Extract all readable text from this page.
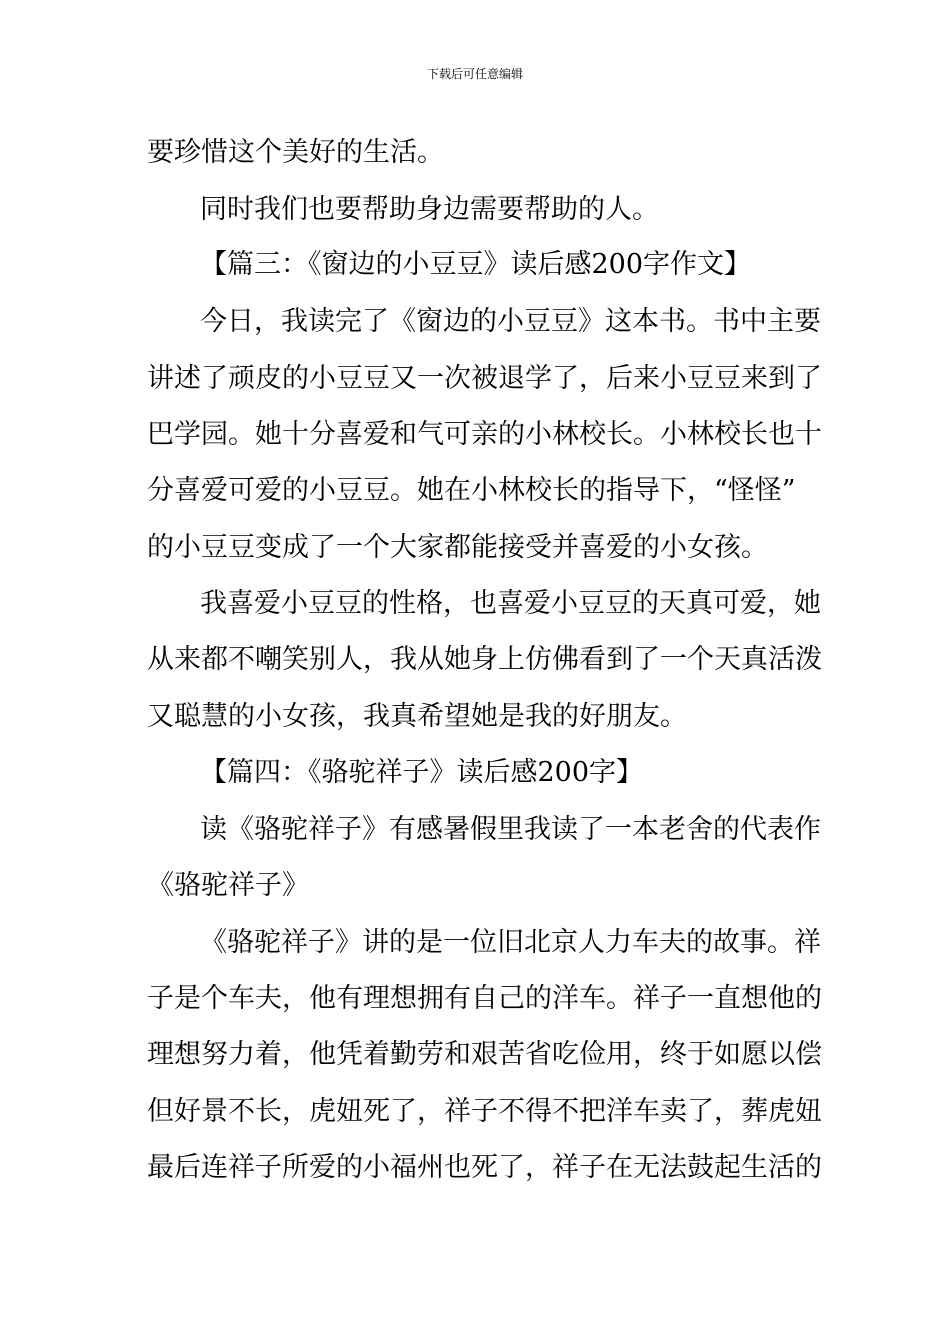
下载后可任意编辑
要珍惜这个美好的生活。
同时我们也要帮助身边需要帮助的人。
【篇三：《窗边的小豆豆》读后感200字作文】
今日，我读完了《窗边的小豆豆》这本书。书中主要
讲述了顽皮的小豆豆又一次被退学了，后来小豆豆来到了
巴学园。她十分喜爱和气可亲的小林校长。小林校长也十
分喜爱可爱的小豆豆。她在小林校长的指导下，“怪怪”
的小豆豆变成了一个大家都能接受并喜爱的小女孩。
我喜爱小豆豆的性格，也喜爱小豆豆的天真可爱，她
从来都不嘲笑别人，我从她身上仿佛看到了一个天真活泼
又聪慧的小女孩，我真希望她是我的好朋友。
【篇四：《骆驼祥子》读后感200字】
读《骆驼祥子》有感暑假里我读了一本老舍的代表作
《骆驼祥子》
《骆驼祥子》讲的是一位旧北京人力车夫的故事。祥
子是个车夫，他有理想拥有自己的洋车。祥子一直想他的
理想努力着，他凭着勤劳和艰苦省吃俭用，终于如愿以偿
但好景不长，虎妞死了，祥子不得不把洋车卖了，葬虎妞
最后连祥子所爱的小福州也死了，祥子在无法鼓起生活的
